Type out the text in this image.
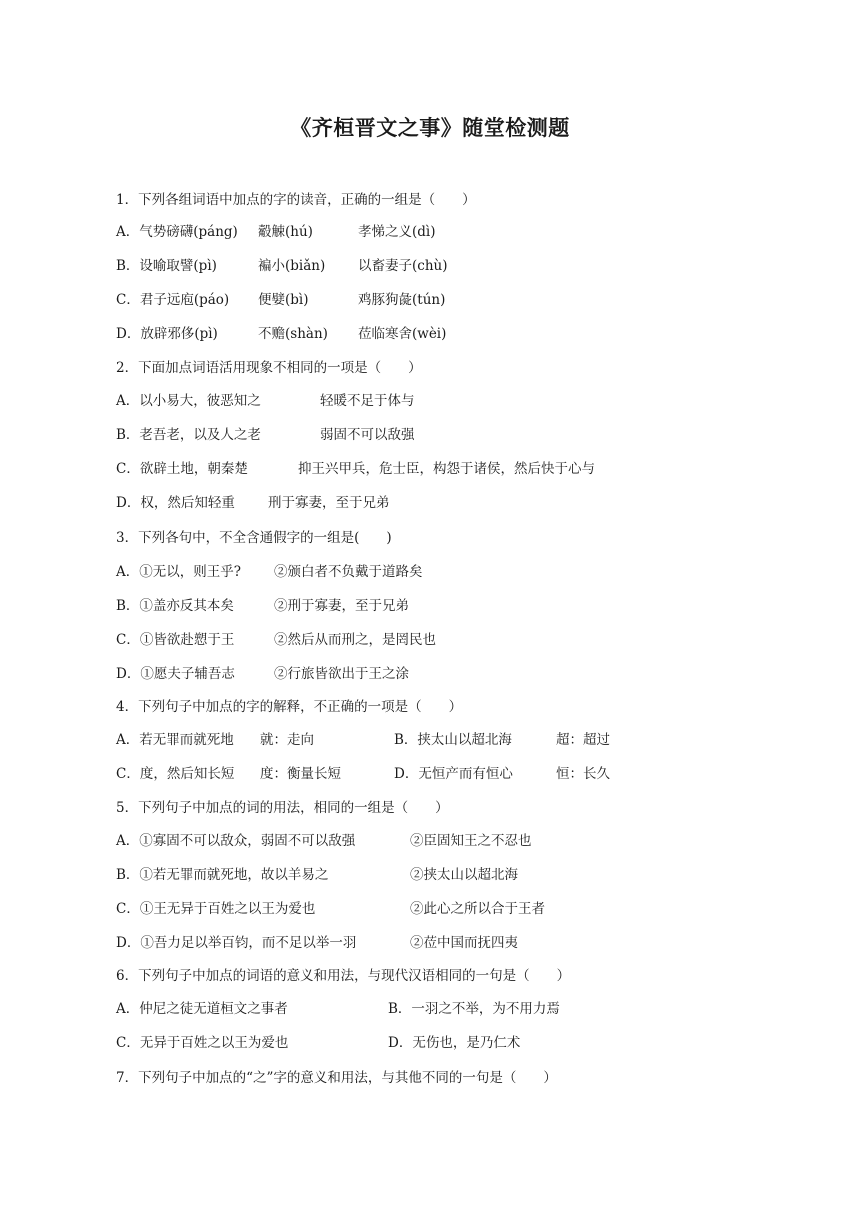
《齐桓晋文之事》随堂检测题
1．下列各组词语中加点的字的读音，正确的一组是（　　）
A．气势磅礴(páng) 觳觫(hú)	孝悌之义(dì)
B．设喻取譬(pì)	褊小(biǎn) 以畜妻子(chù)
C．君子远庖(páo) 便嬖(bì)	鸡豚狗彘(tún)
D．放辟邪侈(pì)	不赡(shàn) 莅临寒舍(wèi)
2．下面加点词语活用现象不相同的一项是（　　）
A．以小易大，彼恶知之	轻暖不足于体与
B．老吾老，以及人之老	弱固不可以敌强
C．欲辟土地，朝秦楚	抑王兴甲兵，危士臣，构怨于诸侯，然后快于心与
D．权，然后知轻重 刑于寡妻，至于兄弟
3．下列各句中，不全含通假字的一组是(　　)
A．①无以，则王乎? ②颁白者不负戴于道路矣
B．①盖亦反其本矣	②刑于寡妻，至于兄弟
C．①皆欲赴愬于王	②然后从而刑之，是罔民也
D．①愿夫子辅吾志	②行旅皆欲出于王之涂
4．下列句子中加点的字的解释，不正确的一项是（　　）
A．若无罪而就死地 就：走向	B．挟太山以超北海	超：超过
C．度，然后知长短 度：衡量长短	D．无恒产而有恒心	恒：长久
5．下列句子中加点的词的用法，相同的一组是（　　）
A．①寡固不可以敌众，弱固不可以敌强	②臣固知王之不忍也
B．①若无罪而就死地，故以羊易之	②挟太山以超北海
C．①王无异于百姓之以王为爱也	②此心之所以合于王者
D．①吾力足以举百钧，而不足以举一羽	②莅中国而抚四夷
6．下列句子中加点的词语的意义和用法，与现代汉语相同的一句是（　　）
A．仲尼之徒无道桓文之事者	B．一羽之不举，为不用力焉
C．无异于百姓之以王为爱也	D．无伤也，是乃仁术
7．下列句子中加点的“之”字的意义和用法，与其他不同的一句是（　　）
